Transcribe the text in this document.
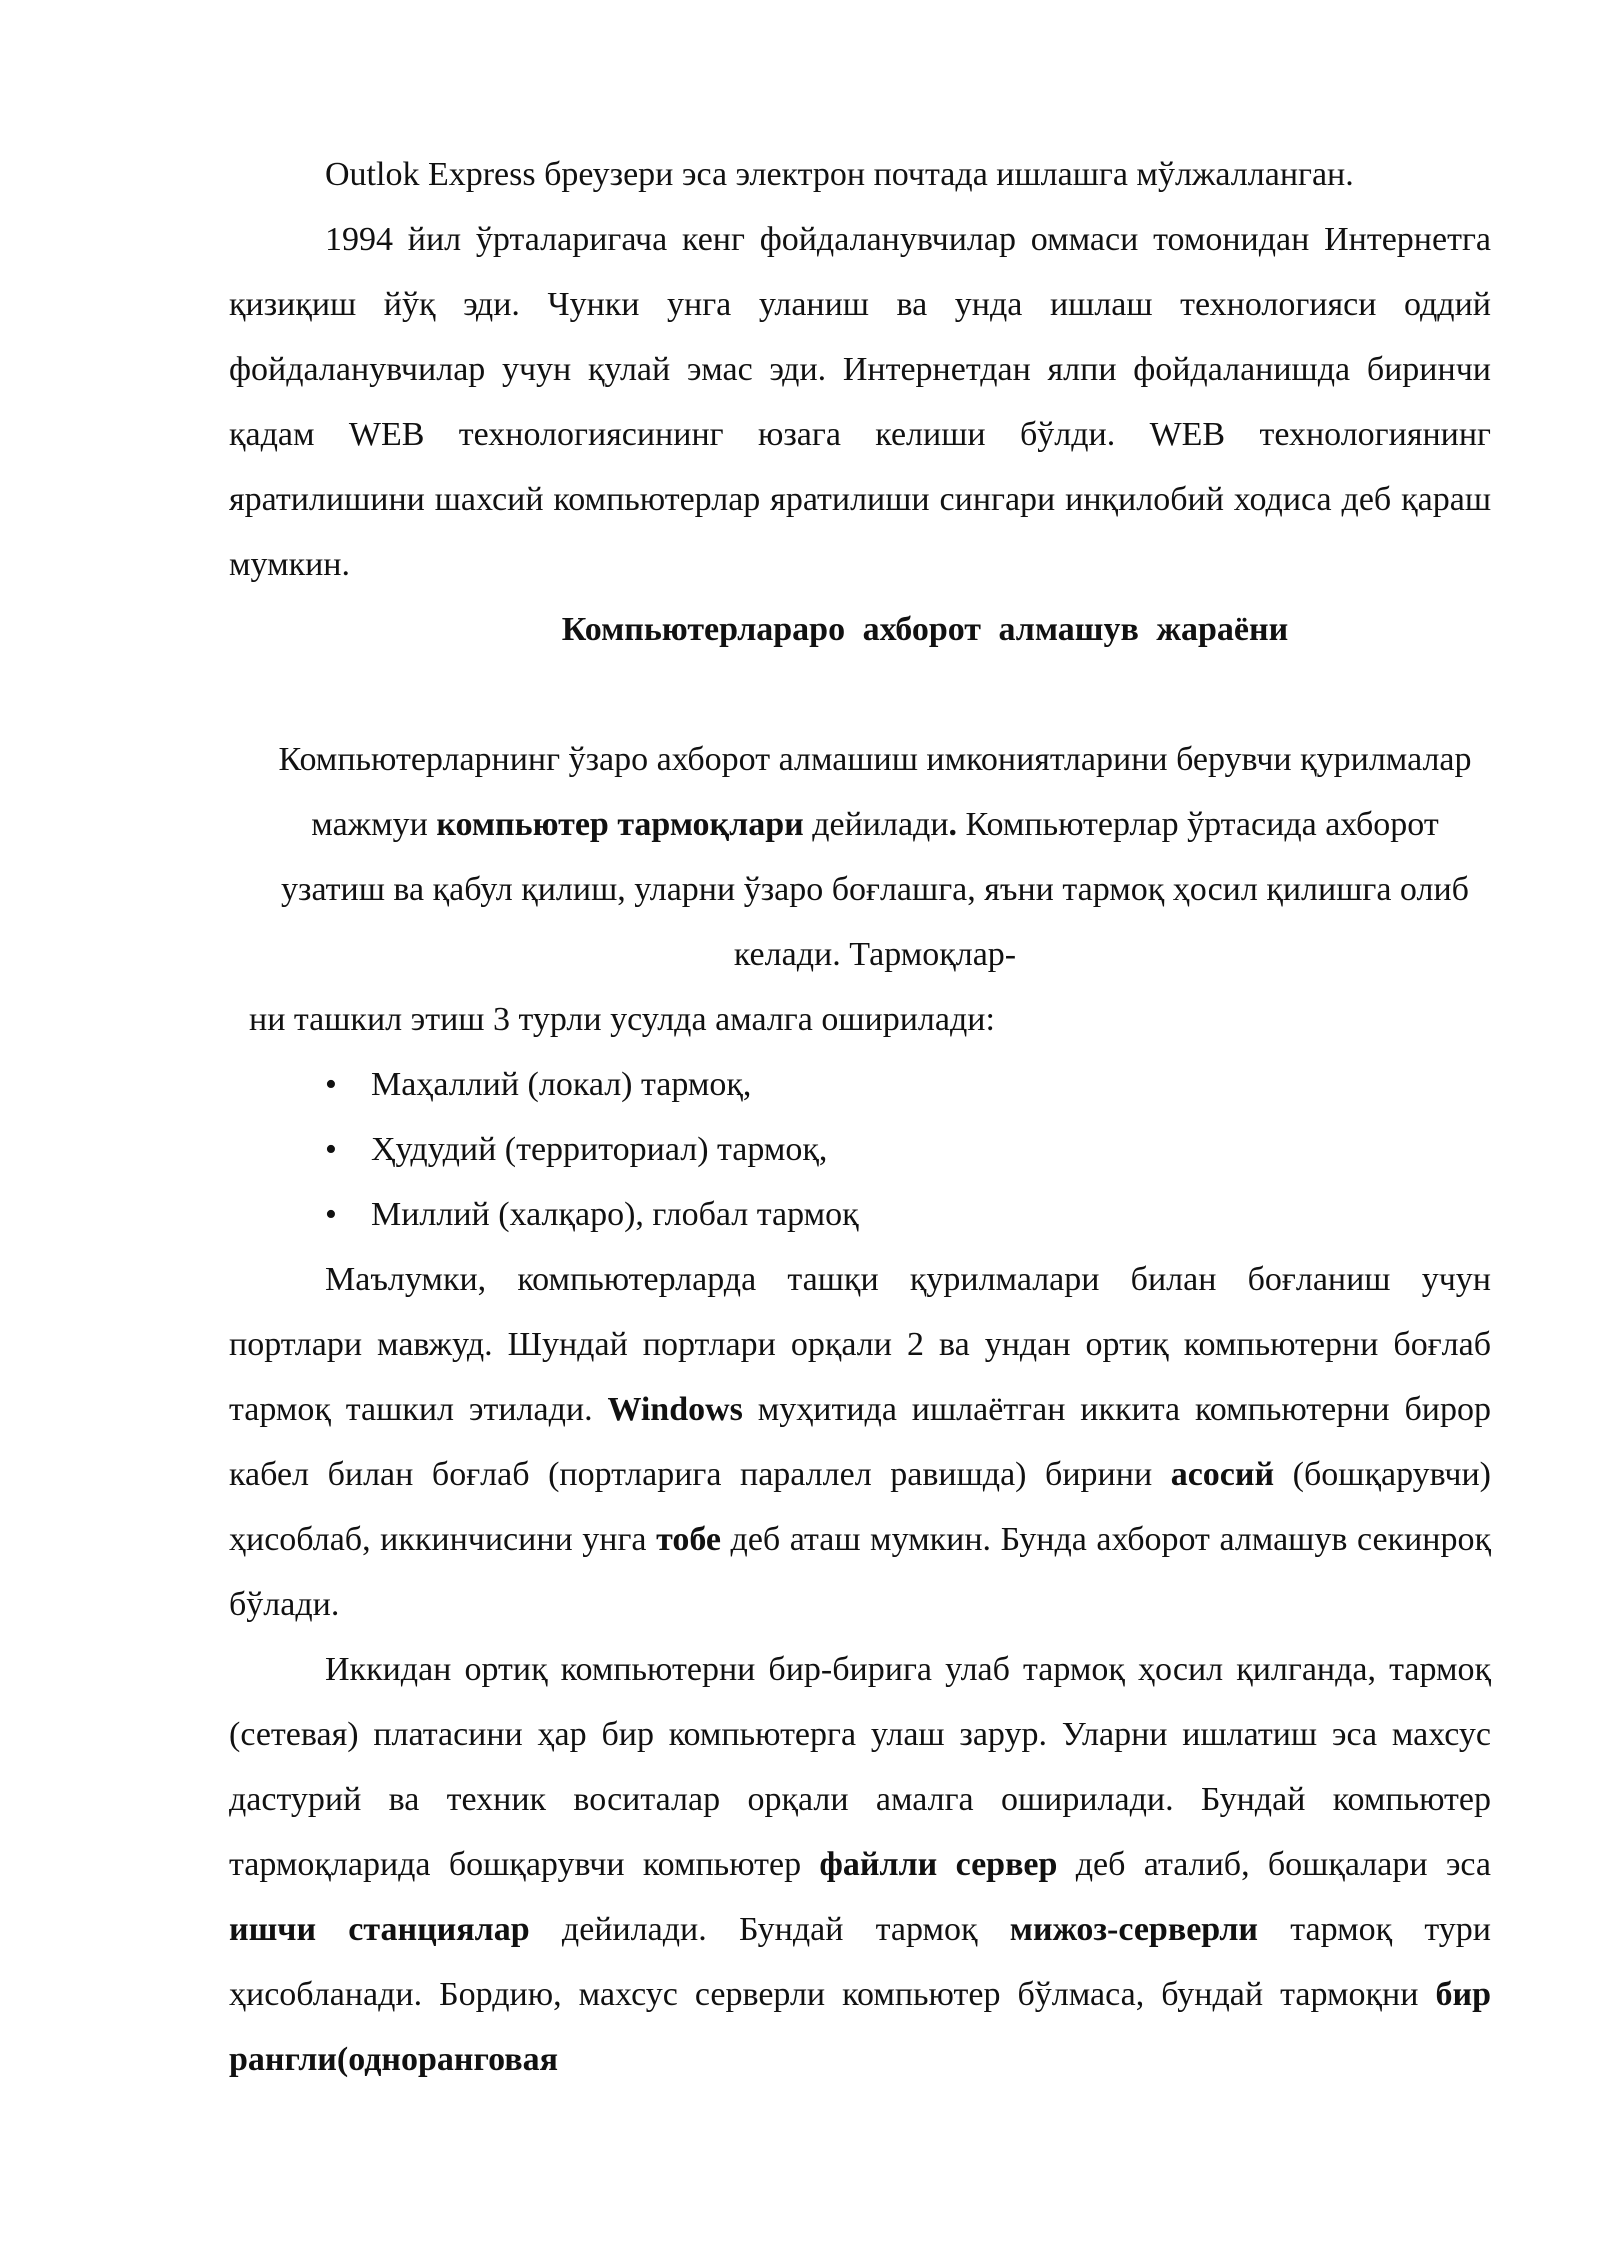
Outlok Express бреузери эса электрон почтада ишлашга мўлжалланган.

1994 йил ўрталаригача кенг фойдаланувчилар оммаси томонидан Интернетга қизиқиш йўқ эди. Чунки унга уланиш ва унда ишлаш технологияси оддий фойдаланувчилар учун қулай эмас эди. Интернетдан ялпи фойдаланишда биринчи қадам WEB технологиясининг юзага келиши бўлди. WEB технологиянинг яратилишини шахсий компьютерлар яратилиши сингари инқилобий ходиса деб қараш мумкин.

Компьютерлараро ахборот алмашув жараёни

Компьютерларнинг ўзаро ахборот алмашиш имкониятларини берувчи қурилмалар мажмуи компьютер тармоқлари дейилади. Компьютерлар ўртасида ахборот узатиш ва қабул қилиш, уларни ўзаро боғлашга, яъни тармоқ ҳосил қилишга олиб келади. Тармоқлар-

ни ташкил этиш 3 турли усулда амалга оширилади:

• Маҳаллий (локал) тармоқ,
• Ҳудудий (территориал) тармоқ,
• Миллий (халқаро), глобал тармоқ

Маълумки, компьютерларда ташқи қурилмалари билан боғланиш учун портлари мавжуд. Шундай портлари орқали 2 ва ундан ортиқ компьютерни боғлаб тармоқ ташкил этилади. Windows муҳитида ишлаётган иккита компьютерни бирор кабел билан боғлаб (портларига параллел равишда) бирини асосий (бошқарувчи) ҳисоблаб, иккинчисини унга тобе деб аташ мумкин. Бунда ахборот алмашув секинроқ бўлади.

Иккидан ортиқ компьютерни бир-бирига улаб тармоқ ҳосил қилганда, тармоқ (сетевая) платасини ҳар бир компьютерга улаш зарур. Уларни ишлатиш эса махсус дастурий ва техник воситалар орқали амалга оширилади. Бундай компьютер тармоқларида бошқарувчи компьютер файлли сервер деб аталиб, бошқалари эса ишчи станциялар дейилади. Бундай тармоқ мижоз-серверли тармоқ тури ҳисобланади. Бордию, махсус серверли компьютер бўлмаса, бундай тармоқни бир рангли(одноранговая
